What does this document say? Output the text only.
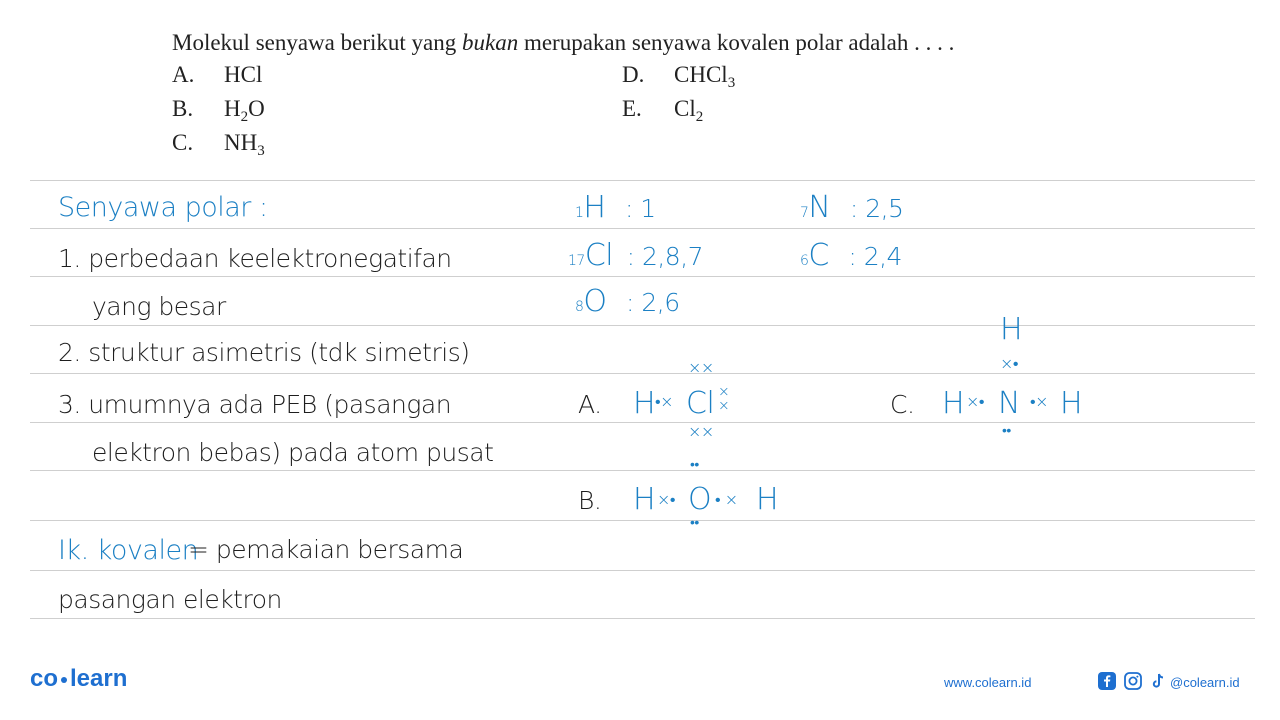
Molekul senyawa berikut yang bukan merupakan senyawa kovalen polar adalah . . . .
A. HCl
B. $H_2O$
C. $NH_3$
D. CHCl$_3$
E. $Cl_2$
Senyawa polar :
1. perbedaan keelektronegatifan
yang besar
2. struktur asimetris (tdk simetris)
3. umumnya ada PEB (pasangan
elektron bebas) pada atom pusat
Ik. kovalen
= pemakaian bersama
pasangan elektron
1H : 1
17Cl : 2,8,7
8O : 2,6
7N : 2,5
6C : 2,4
A. H •× Cl
××
××
×
×
B. H ×• O • × H
••
••
C.
H
×•
H ×• N •× H
••
co learn	www.colearn.id	@colearn.id
